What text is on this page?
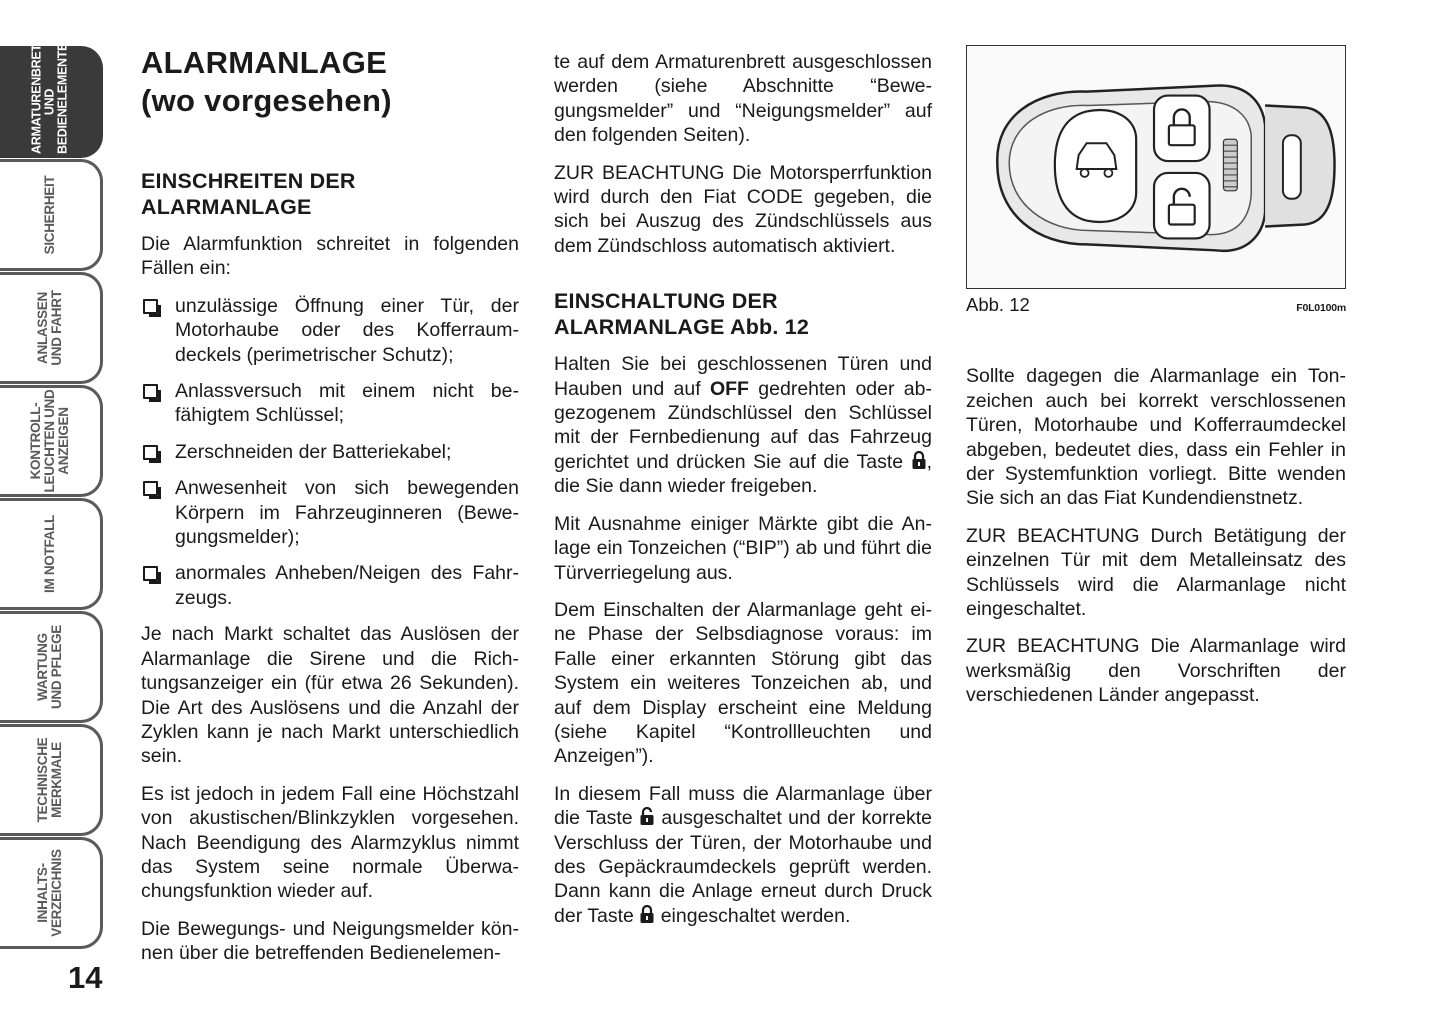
ARMATURENBRETT
UND
BEDIENELEMENTE
SICHERHEIT
ANLASSEN
UND FAHRT
KONTROLL-
LEUCHTEN UND
ANZEIGEN
IM NOTFALL
WARTUNG
UND PFLEGE
TECHNISCHE
MERKMALE
INHALTS-
VERZEICHNIS
14
ALARMANLAGE
(wo vorgesehen)
EINSCHREITEN DER
ALARMANLAGE

Die Alarmfunktion schreitet in folgenden Fällen ein:

unzulässige Öffnung einer Tür, der Motorhaube oder des Kofferraumdeckels (perimetrischer Schutz);
Anlassversuch mit einem nicht befähigtem Schlüssel;
Zerschneiden der Batteriekabel;
Anwesenheit von sich bewegenden Körpern im Fahrzeuginneren (Bewegungsmelder);
anormales Anheben/Neigen des Fahrzeugs.

Je nach Markt schaltet das Auslösen der Alarmanlage die Sirene und die Richtungsanzeiger ein (für etwa 26 Sekunden). Die Art des Auslösens und die Anzahl der Zyklen kann je nach Markt unterschiedlich sein.

Es ist jedoch in jedem Fall eine Höchstzahl von akustischen/Blinkzyklen vorgesehen. Nach Beendigung des Alarmzyklus nimmt das System seine normale Überwachungsfunktion wieder auf.

Die Bewegungs- und Neigungsmelder können über die betreffenden Bedienelemen-

te auf dem Armaturenbrett ausgeschlossen werden (siehe Abschnitte “Bewegungsmelder” und “Neigungsmelder” auf den folgenden Seiten).

ZUR BEACHTUNG Die Motorsperrfunktion wird durch den Fiat CODE gegeben, die sich bei Auszug des Zündschlüssels aus dem Zündschloss automatisch aktiviert.

EINSCHALTUNG DER
ALARMANLAGE Abb. 12

Halten Sie bei geschlossenen Türen und Hauben und auf OFF gedrehten oder abgezogenem Zündschlüssel den Schlüssel mit der Fernbedienung auf das Fahrzeug gerichtet und drücken Sie auf die Taste , die Sie dann wieder freigeben.

Mit Ausnahme einiger Märkte gibt die Anlage ein Tonzeichen (“BIP”) ab und führt die Türverriegelung aus.

Dem Einschalten der Alarmanlage geht eine Phase der Selbsdiagnose voraus: im Falle einer erkannten Störung gibt das System ein weiteres Tonzeichen ab, und auf dem Display erscheint eine Meldung (siehe Kapitel “Kontrollleuchten und Anzeigen”).

In diesem Fall muss die Alarmanlage über die Taste ausgeschaltet und der korrekte Verschluss der Türen, der Motorhaube und des Gepäckraumdeckels geprüft werden. Dann kann die Anlage erneut durch Druck der Taste eingeschaltet werden.

Abb. 12	F0L0100m

Sollte dagegen die Alarmanlage ein Tonzeichen auch bei korrekt verschlossenen Türen, Motorhaube und Kofferraumdeckel abgeben, bedeutet dies, dass ein Fehler in der Systemfunktion vorliegt. Bitte wenden Sie sich an das Fiat Kundendienstnetz.

ZUR BEACHTUNG Durch Betätigung der einzelnen Tür mit dem Metalleinsatz des Schlüssels wird die Alarmanlage nicht eingeschaltet.

ZUR BEACHTUNG Die Alarmanlage wird werksmäßig den Vorschriften der verschiedenen Länder angepasst.
